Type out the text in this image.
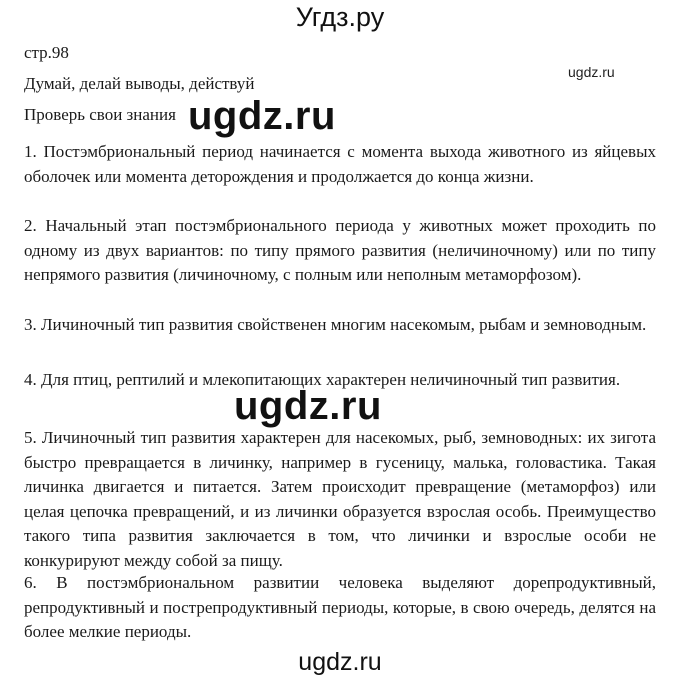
Угдз.ру
стр.98
ugdz.ru
Думай, делай выводы, действуй
Проверь свои знания
1. Постэмбриональный период начинается с момента выхода животного из яйцевых оболочек или момента деторождения и продолжается до конца жизни.
2. Начальный этап постэмбрионального периода у животных может проходить по одному из двух вариантов: по типу прямого развития (неличиночному) или по типу непрямого развития (личиночному, с полным или неполным метаморфозом).
3. Личиночный тип развития свойственен многим насекомым, рыбам и земноводным.
4. Для птиц, рептилий и млекопитающих характерен неличиночный тип развития.
5. Личиночный тип развития характерен для насекомых, рыб, земноводных: их зигота быстро превращается в личинку, например в гусеницу, малька, головастика. Такая личинка двигается и питается. Затем происходит превращение (метаморфоз) или целая цепочка превращений, и из личинки образуется взрослая особь. Преимущество такого типа развития заключается в том, что личинки и взрослые особи не конкурируют между собой за пищу.
6. В постэмбриональном развитии человека выделяют дорепродуктивный, репродуктивный и пострепродуктивный периоды, которые, в свою очередь, делятся на более мелкие периоды.
ugdz.ru
ugdz.ru
ugdz.ru
